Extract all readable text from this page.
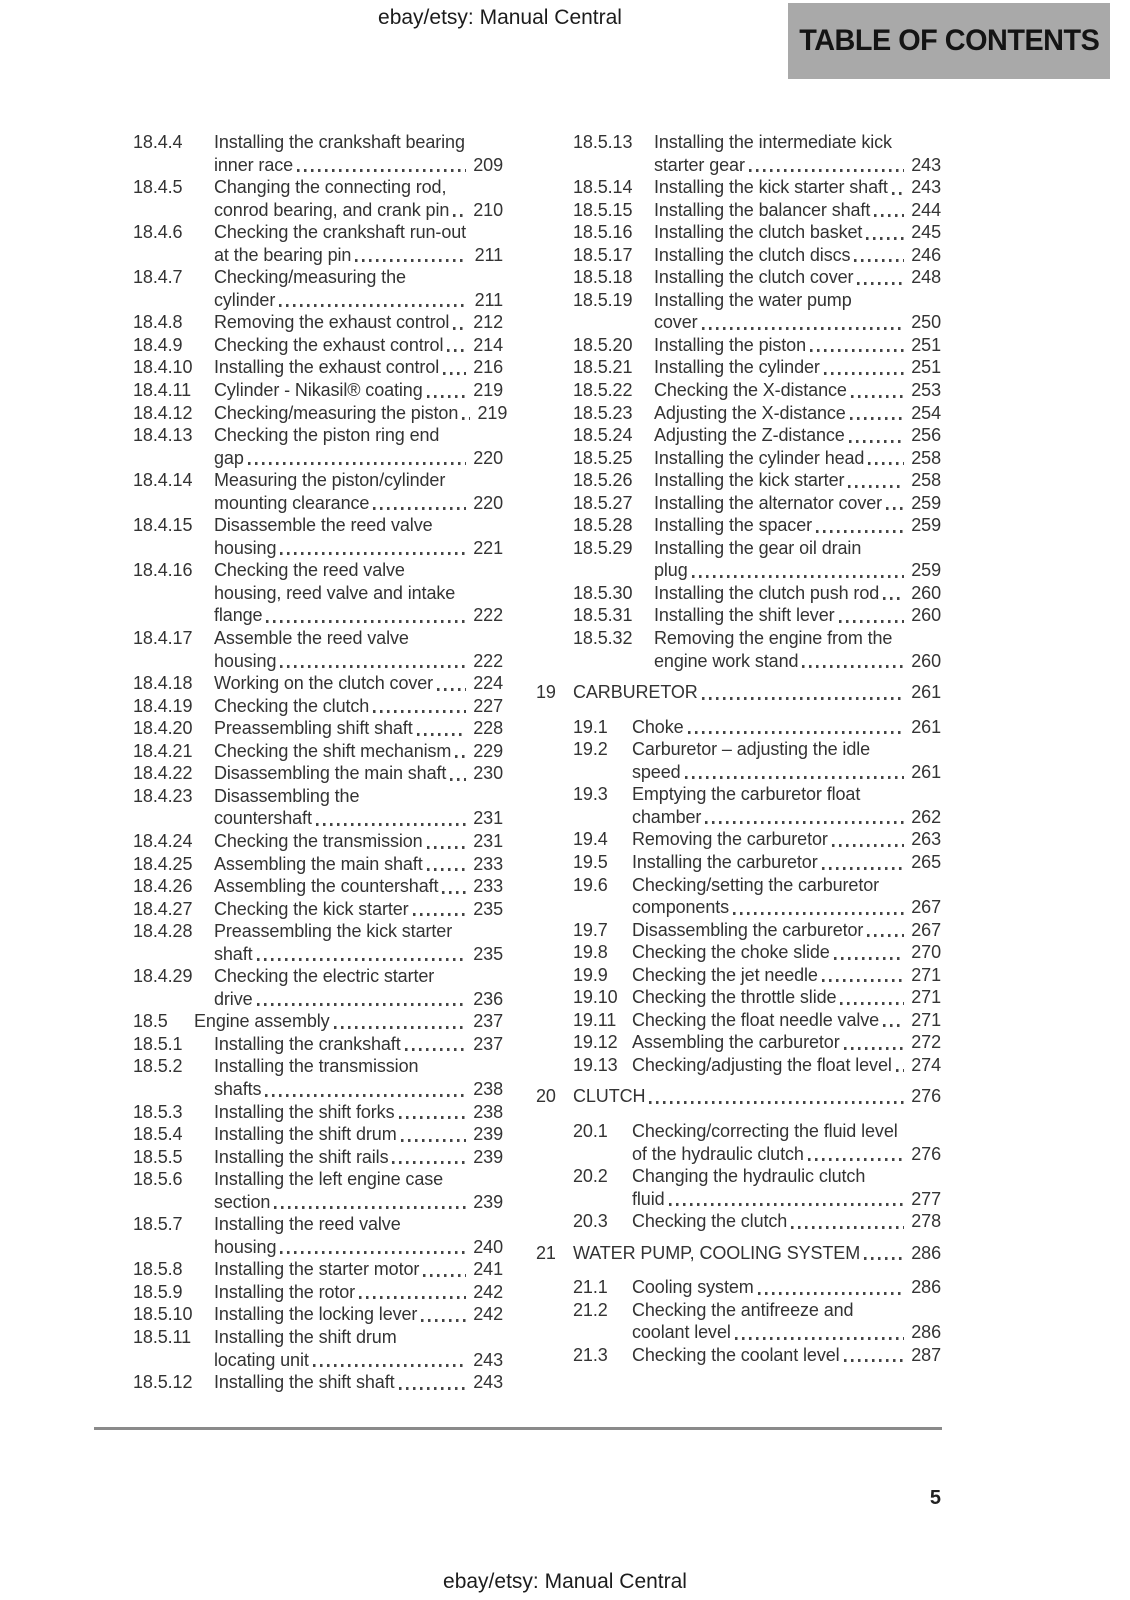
ebay/etsy: Manual Central
TABLE OF CONTENTS
18.4.4	Installing the crankshaft bearing
inner race	209
18.4.5	Changing the connecting rod,
conrod bearing, and crank pin 210
18.4.6	Checking the crankshaft run-out
at the bearing pin	211
18.4.7	Checking/measuring the
cylinder	211
18.4.8	Removing the exhaust control 212
18.4.9	Checking the exhaust control 214
18.4.10	Installing the exhaust control 216
18.4.11	Cylinder - Nikasil® coating	219
18.4.12	Checking/measuring the piston 219
18.4.13	Checking the piston ring end
gap	220
18.4.14	Measuring the piston/cylinder
mounting clearance	220
18.4.15	Disassemble the reed valve
housing	221
18.4.16	Checking the reed valve
housing, reed valve and intake
flange	222
18.4.17	Assemble the reed valve
housing	222
18.4.18	Working on the clutch cover 224
18.4.19	Checking the clutch	227
18.4.20	Preassembling shift shaft	228
18.4.21	Checking the shift mechanism 229
18.4.22	Disassembling the main shaft 230
18.4.23	Disassembling the
countershaft	231
18.4.24	Checking the transmission	231
18.4.25	Assembling the main shaft	233
18.4.26	Assembling the countershaft 233
18.4.27	Checking the kick starter	235
18.4.28	Preassembling the kick starter
shaft	235
18.4.29	Checking the electric starter
drive	236
18.5	Engine assembly	237
18.5.1	Installing the crankshaft	237
18.5.2	Installing the transmission
shafts	238
18.5.3	Installing the shift forks	238
18.5.4	Installing the shift drum	239
18.5.5	Installing the shift rails	239
18.5.6	Installing the left engine case
section	239
18.5.7	Installing the reed valve
housing	240
18.5.8	Installing the starter motor	241
18.5.9	Installing the rotor	242
18.5.10	Installing the locking lever	242
18.5.11	Installing the shift drum
locating unit	243
18.5.12	Installing the shift shaft	243
18.5.13	Installing the intermediate kick
starter gear	243
18.5.14	Installing the kick starter shaft 243
18.5.15	Installing the balancer shaft 244
18.5.16	Installing the clutch basket	245
18.5.17	Installing the clutch discs	246
18.5.18	Installing the clutch cover	248
18.5.19	Installing the water pump
cover	250
18.5.20	Installing the piston	251
18.5.21	Installing the cylinder	251
18.5.22	Checking the X-distance	253
18.5.23	Adjusting the X-distance	254
18.5.24	Adjusting the Z-distance	256
18.5.25	Installing the cylinder head	258
18.5.26	Installing the kick starter	258
18.5.27	Installing the alternator cover 259
18.5.28	Installing the spacer	259
18.5.29	Installing the gear oil drain
plug	259
18.5.30	Installing the clutch push rod 260
18.5.31	Installing the shift lever	260
18.5.32	Removing the engine from the
engine work stand	260
19 CARBURETOR	261
19.1	Choke	261
19.2	Carburetor – adjusting the idle
speed	261
19.3	Emptying the carburetor float
chamber	262
19.4	Removing the carburetor	263
19.5	Installing the carburetor	265
19.6	Checking/setting the carburetor
components	267
19.7	Disassembling the carburetor	267
19.8	Checking the choke slide	270
19.9	Checking the jet needle	271
19.10 Checking the throttle slide	271
19.11 Checking the float needle valve 271
19.12 Assembling the carburetor	272
19.13 Checking/adjusting the float level 274
20 CLUTCH	276
20.1	Checking/correcting the fluid level
of the hydraulic clutch	276
20.2	Changing the hydraulic clutch
fluid	277
20.3	Checking the clutch	278
21 WATER PUMP, COOLING SYSTEM	286
21.1	Cooling system	286
21.2	Checking the antifreeze and
coolant level	286
21.3	Checking the coolant level	287
5
ebay/etsy: Manual Central
